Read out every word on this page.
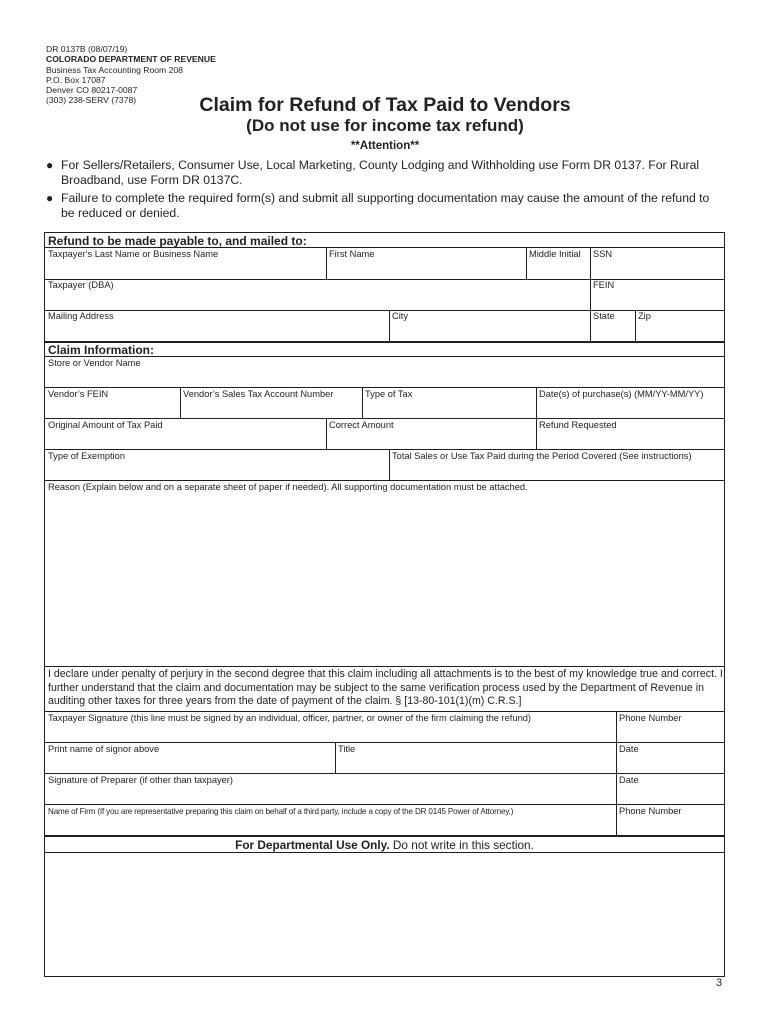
DR 0137B (08/07/19)
COLORADO DEPARTMENT OF REVENUE
Business Tax Accounting Room 208
P.O. Box 17087
Denver CO 80217-0087
(303) 238-SERV (7378)	Claim for Refund of Tax Paid to Vendors
(Do not use for income tax refund)
**Attention**
● For Sellers/Retailers, Consumer Use, Local Marketing, County Lodging and Withholding use Form DR 0137. For Rural Broadband, use Form DR 0137C.
● Failure to complete the required form(s) and submit all supporting documentation may cause the amount of the refund to be reduced or denied.
Refund to be made payable to, and mailed to:
Taxpayer's Last Name or Business Name	First Name	Middle Initial SSN
Taxpayer (DBA)	FEIN
Mailing Address	City	State	Zip
Claim Information:
Store or Vendor Name
Vendor’s FEIN	Vendor’s Sales Tax Account Number	Type of Tax	Date(s) of purchase(s) (MM/YY-MM/YY)
Original Amount of Tax Paid	Correct Amount	Refund Requested
Type of Exemption	Total Sales or Use Tax Paid during the Period Covered (See instructions)
Reason (Explain below and on a separate sheet of paper if needed). All supporting documentation must be attached.
I declare under penalty of perjury in the second degree that this claim including all attachments is to the best of my knowledge true and correct. I further understand that the claim and documentation may be subject to the same verification process used by the Department of Revenue in auditing other taxes for three years from the date of payment of the claim. § [13-80-101(1)(m) C.R.S.]
Taxpayer Signature (this line must be signed by an individual, officer, partner, or owner of the firm claiming the refund)	Phone Number
Print name of signor above	Title	Date
Signature of Preparer (if other than taxpayer)	Date
Name of Firm (If you are representative preparing this claim on behalf of a third party, include a copy of the DR 0145 Power of Attorney.)	Phone Number
For Departmental Use Only. Do not write in this section.
3
